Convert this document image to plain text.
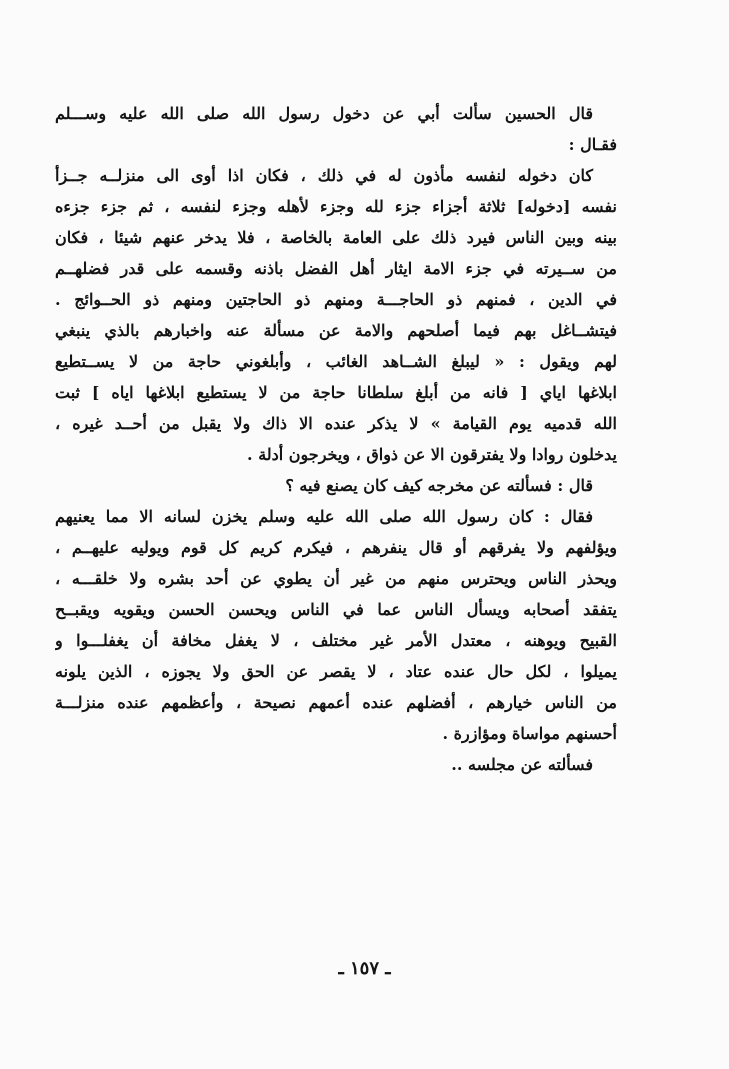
قال الحسين سألت أبي عن دخول رسول الله صلى الله عليه وســـلم
فقـال :
كان دخوله لنفسه مأذون له في ذلك ، فكان اذا أوى الى منزلــه جــزأ
نفسه [دخوله] ثلاثة أجزاء جزء لله وجزء لأهله وجزء لنفسه ، ثم جزء جزءه
بينه وبين الناس فيرد ذلك على العامة بالخاصة ، فلا يدخر عنهم شيئا ، فكان
من ســيرته في جزء الامة ايثار أهل الفضل باذنه وقسمه على قدر فضلهــم
في الدين ، فمنهم ذو الحاجـــة ومنهم ذو الحاجتين ومنهم ذو الحــوائج .
فيتشــاغل بهم فيما أصلحهم والامة عن مسألة عنه واخبارهم بالذي ينبغي
لهم ويقول : « ليبلغ الشــاهد الغائب ، وأبلغوني حاجة من لا يســتطيع
ابلاغها اياي [ فانه من أبلغ سلطانا حاجة من لا يستطيع ابلاغها اياه ] ثبت
الله قدميه يوم القيامة » لا يذكر عنده الا ذاك ولا يقبل من أحــد غيره ،
يدخلون روادا ولا يفترقون الا عن ذواق ، ويخرجون أدلة .
قال : فسألته عن مخرجه كيف كان يصنع فيه ؟
فقال : كان رسول الله صلى الله عليه وسلم يخزن لسانه الا مما يعنيهم
ويؤلفهم ولا يفرقهم أو قال ينفرهم ، فيكرم كريم كل قوم ويوليه عليهــم ،
ويحذر الناس ويحترس منهم من غير أن يطوي عن أحد بشره ولا خلقـــه ،
يتفقد أصحابه ويسأل الناس عما في الناس ويحسن الحسن ويقويه ويقبــح
القبيح ويوهنه ، معتدل الأمر غير مختلف ، لا يغفل مخافة أن يغفلـــوا و
يميلوا ، لكل حال عنده عتاد ، لا يقصر عن الحق ولا يجوزه ، الذين يلونه
من الناس خيارهم ، أفضلهم عنده أعمهم نصيحة ، وأعظمهم عنده منزلـــة
أحسنهم مواساة ومؤازرة .
فسألته عن مجلسه ..
ـ ١٥٧ ـ
